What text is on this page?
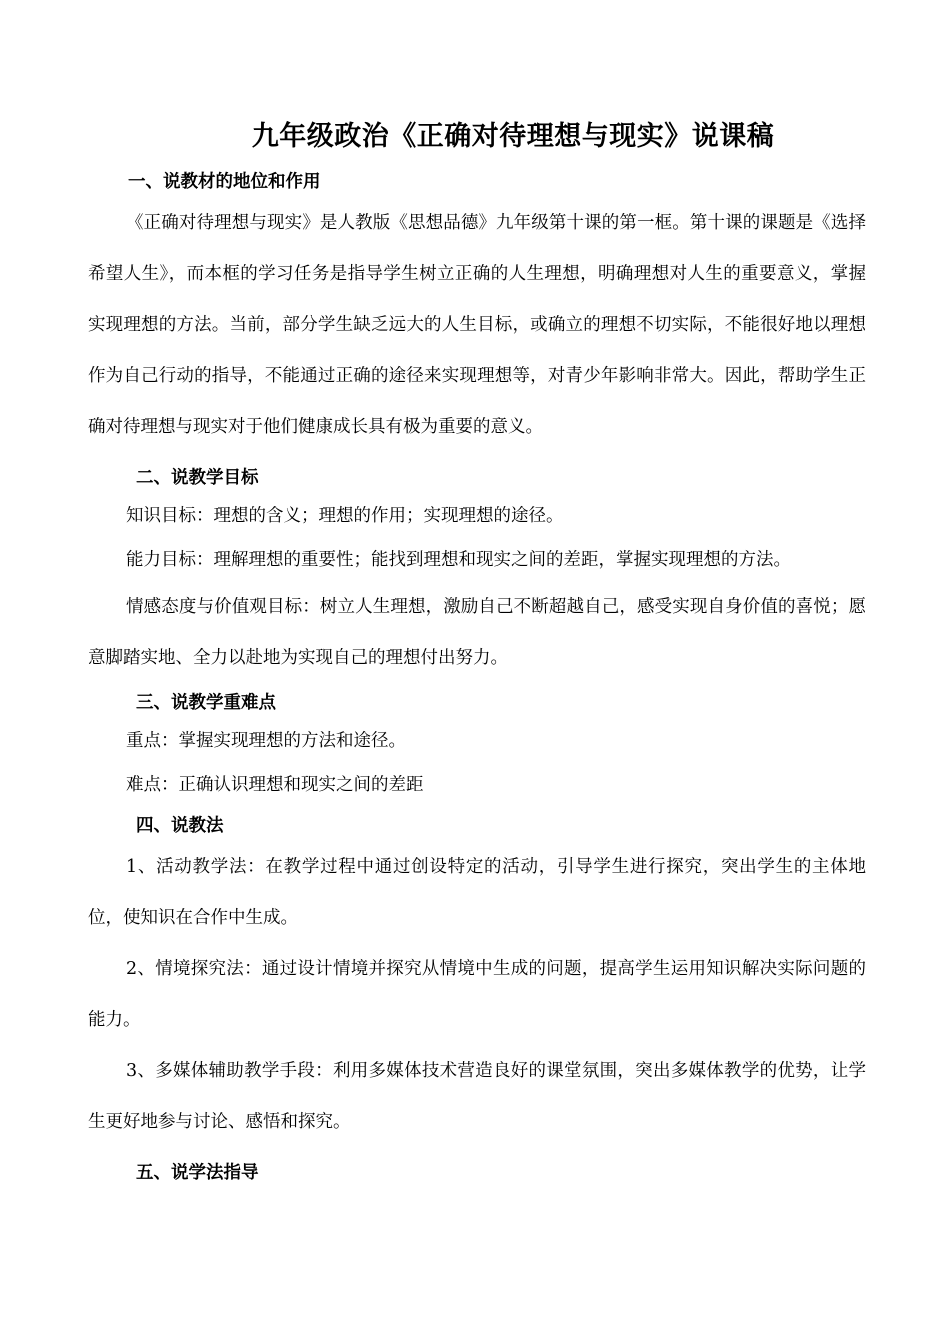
九年级政治《正确对待理想与现实》说课稿
一、说教材的地位和作用

《正确对待理想与现实》是人教版《思想品德》九年级第十课的第一框。第十课的课题是《选择希望人生》，而本框的学习任务是指导学生树立正确的人生理想，明确理想对人生的重要意义，掌握实现理想的方法。当前，部分学生缺乏远大的人生目标，或确立的理想不切实际，不能很好地以理想作为自己行动的指导，不能通过正确的途径来实现理想等，对青少年影响非常大。因此，帮助学生正确对待理想与现实对于他们健康成长具有极为重要的意义。

二、说教学目标

知识目标：理想的含义；理想的作用；实现理想的途径。

能力目标：理解理想的重要性；能找到理想和现实之间的差距，掌握实现理想的方法。

情感态度与价值观目标：树立人生理想，激励自己不断超越自己，感受实现自身价值的喜悦；愿意脚踏实地、全力以赴地为实现自己的理想付出努力。

三、说教学重难点

重点：掌握实现理想的方法和途径。

难点：正确认识理想和现实之间的差距

四、说教法

1、活动教学法：在教学过程中通过创设特定的活动，引导学生进行探究，突出学生的主体地位，使知识在合作中生成。

2、情境探究法：通过设计情境并探究从情境中生成的问题，提高学生运用知识解决实际问题的能力。

3、多媒体辅助教学手段：利用多媒体技术营造良好的课堂氛围，突出多媒体教学的优势，让学生更好地参与讨论、感悟和探究。

五、说学法指导
